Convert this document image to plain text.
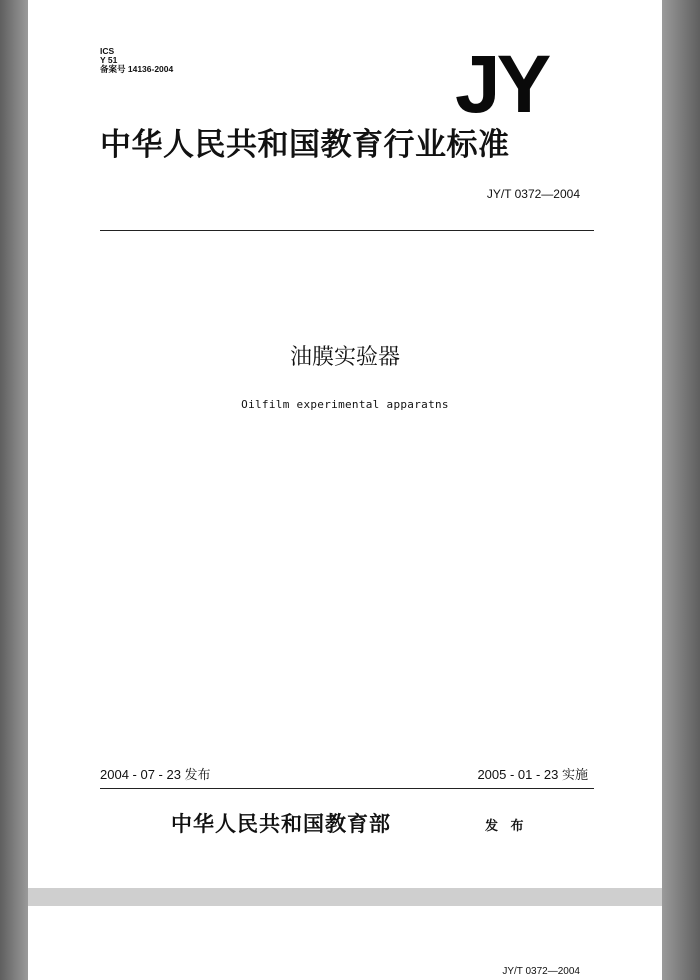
ICS
Y 51
备案号 14136-2004	JY
中华人民共和国教育行业标准
JY/T 0372—2004
油膜实验器
Oilfilm experimental apparatns
2004 - 07 - 23 发布	2005 - 01 - 23 实施
中华人民共和国教育部	发 布
JY/T 0372—2004
